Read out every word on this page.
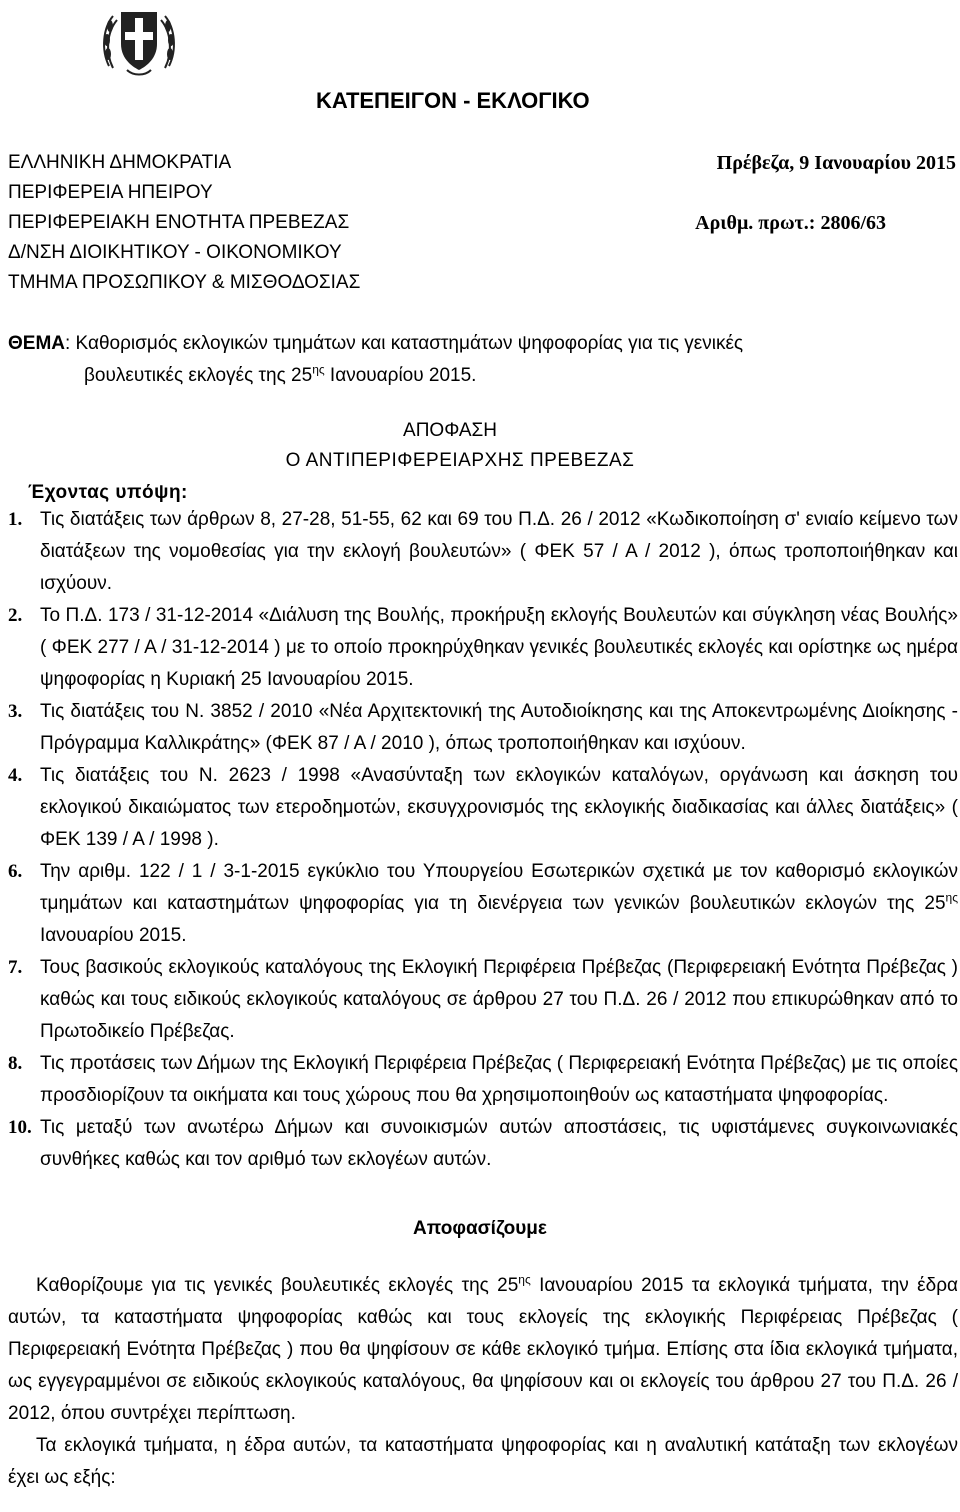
ΚΑΤΕΠΕΙΓΟΝ - ΕΚΛΟΓΙΚΟ
ΕΛΛΗΝΙΚΗ ΔΗΜΟΚΡΑΤΙΑ	Πρέβεζα, 9 Ιανουαρίου 2015
ΠΕΡΙΦΕΡΕΙΑ ΗΠΕΙΡΟΥ
ΠΕΡΙΦΕΡΕΙΑΚΗ ΕΝΟΤΗΤΑ ΠΡΕΒΕΖΑΣ	Αριθμ. πρωτ.: 2806/63
Δ/ΝΣΗ ΔΙΟΙΚΗΤΙΚΟΥ - ΟΙΚΟΝΟΜΙΚΟΥ
ΤΜΗΜΑ ΠΡΟΣΩΠΙΚΟΥ & ΜΙΣΘΟΔΟΣΙΑΣ
ΘΕΜΑ: Καθορισμός εκλογικών τμημάτων και καταστημάτων ψηφοφορίας για τις γενικές
βουλευτικές εκλογές της $25^{\eta\varsigma}$ Ιανουαρίου 2015.
ΑΠΟΦΑΣΗ
Ο ΑΝΤΙΠΕΡΙΦΕΡΕΙΑΡΧΗΣ ΠΡΕΒΕΖΑΣ
Έχοντας υπόψη:
1. Τις διατάξεις των άρθρων 8, 27-28, 51-55, 62 και 69 του Π.Δ. 26 / 2012 «Κωδικοποίηση σ' ενιαίο κείμενο των διατάξεων της νομοθεσίας για την εκλογή βουλευτών» ( ΦΕΚ 57 / Α / 2012 ), όπως τροποποιήθηκαν και ισχύουν.
2. Το Π.Δ. 173 / 31-12-2014 «Διάλυση της Βουλής, προκήρυξη εκλογής Βουλευτών και σύγκληση νέας Βουλής» ( ΦΕΚ 277 / Α / 31-12-2014 ) με το οποίο προκηρύχθηκαν γενικές βουλευτικές εκλογές και ορίστηκε ως ημέρα ψηφοφορίας η Κυριακή 25 Ιανουαρίου 2015.
3. Τις διατάξεις του Ν. 3852 / 2010 «Νέα Αρχιτεκτονική της Αυτοδιοίκησης και της Αποκεντρωμένης Διοίκησης - Πρόγραμμα Καλλικράτης» (ΦΕΚ 87 / Α / 2010 ), όπως τροποποιήθηκαν και ισχύουν.
4. Τις διατάξεις του Ν. 2623 / 1998 «Ανασύνταξη των εκλογικών καταλόγων, οργάνωση και άσκηση του εκλογικού δικαιώματος των ετεροδημοτών, εκσυγχρονισμός της εκλογικής διαδικασίας και άλλες διατάξεις» ( ΦΕΚ 139 / Α / 1998 ).
6. Την αριθμ. 122 / 1 / 3-1-2015 εγκύκλιο του Υπουργείου Εσωτερικών σχετικά με τον καθορισμό εκλογικών τμημάτων και καταστημάτων ψηφοφορίας για τη διενέργεια των γενικών βουλευτικών εκλογών της $25^{\eta\varsigma}$ Ιανουαρίου 2015.
7. Τους βασικούς εκλογικούς καταλόγους της Εκλογική Περιφέρεια Πρέβεζας (Περιφερειακή Ενότητα Πρέβεζας ) καθώς και τους ειδικούς εκλογικούς καταλόγους σε άρθρου 27 του Π.Δ. 26 / 2012 που επικυρώθηκαν από το Πρωτοδικείο Πρέβεζας.
8. Τις προτάσεις των Δήμων της Εκλογική Περιφέρεια Πρέβεζας ( Περιφερειακή Ενότητα Πρέβεζας) με τις οποίες προσδιορίζουν τα οικήματα και τους χώρους που θα χρησιμοποιηθούν ως καταστήματα ψηφοφορίας.
10. Τις μεταξύ των ανωτέρω Δήμων και συνοικισμών αυτών αποστάσεις, τις υφιστάμενες συγκοινωνιακές συνθήκες καθώς και τον αριθμό των εκλογέων αυτών.
Αποφασίζουμε

Καθορίζουμε για τις γενικές βουλευτικές εκλογές της $25^{\eta\varsigma}$ Ιανουαρίου 2015 τα εκλογικά τμήματα, την έδρα αυτών, τα καταστήματα ψηφοφορίας καθώς και τους εκλογείς της εκλογικής Περιφέρειας Πρέβεζας ( Περιφερειακή Ενότητα Πρέβεζας ) που θα ψηφίσουν σε κάθε εκλογικό τμήμα. Επίσης στα ίδια εκλογικά τμήματα, ως εγγεγραμμένοι σε ειδικούς εκλογικούς καταλόγους, θα ψηφίσουν και οι εκλογείς του άρθρου 27 του Π.Δ. 26 / 2012, όπου συντρέχει περίπτωση.

Τα εκλογικά τμήματα, η έδρα αυτών, τα καταστήματα ψηφοφορίας και η αναλυτική κατάταξη των εκλογέων έχει ως εξής:
